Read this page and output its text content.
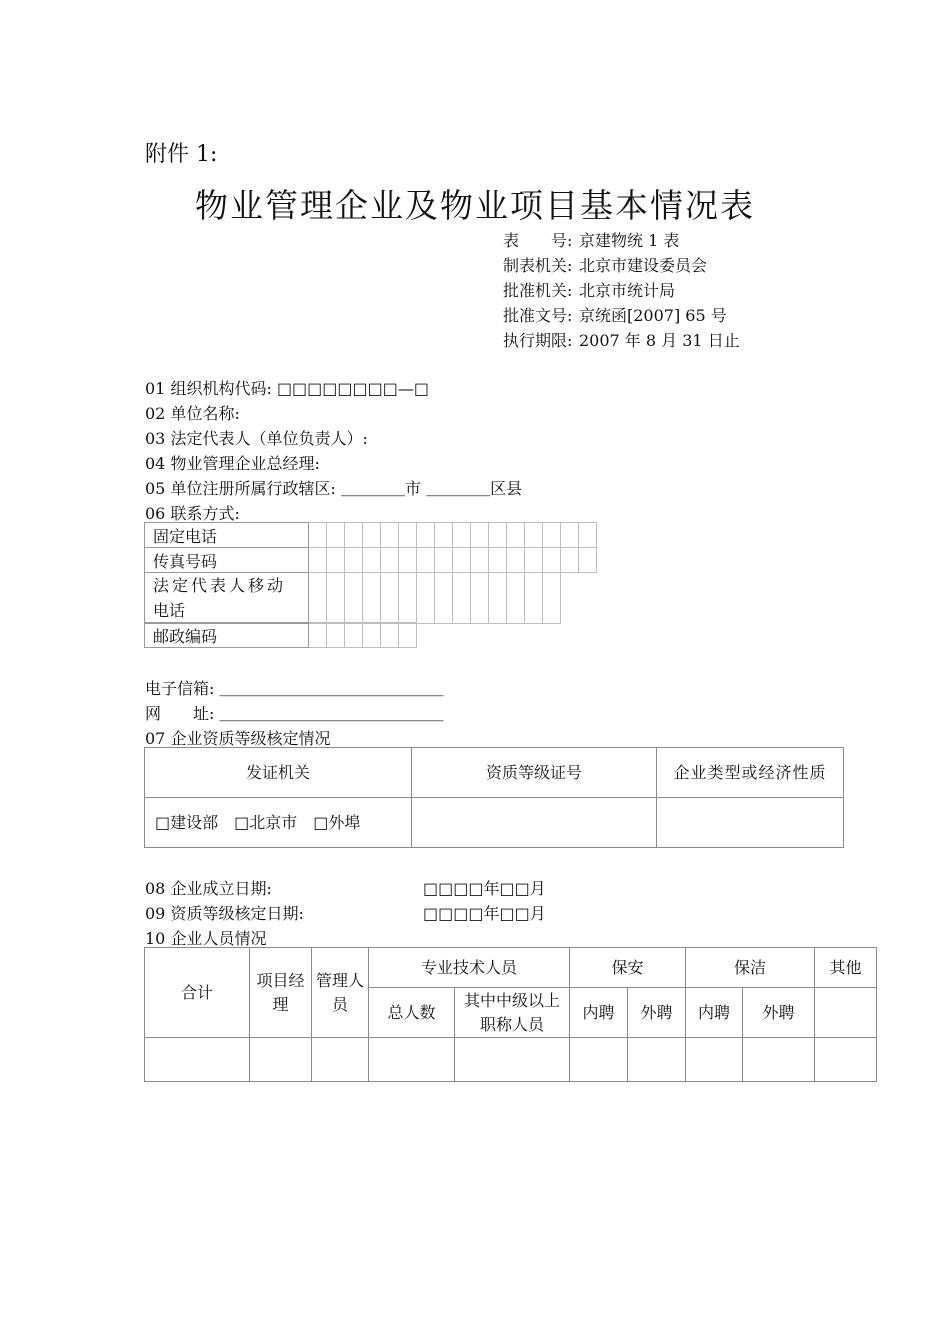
附件 1:
物业管理企业及物业项目基本情况表
表　　号: 京建物统 1 表
制表机关: 北京市建设委员会
批准机关: 北京市统计局
批准文号: 京统函[2007] 65 号
执行期限: 2007 年 8 月 31 日止
01 组织机构代码: □□□□□□□□—□
02 单位名称:
03 法定代表人（单位负责人）:
04 物业管理企业总经理:
05 单位注册所属行政辖区: ＿＿＿＿市 ＿＿＿＿区县
06 联系方式:
固定电话																
传真号码																
法定代表人移动
电话														
邮政编码						
电子信箱: ＿＿＿＿＿＿＿＿＿＿＿＿＿＿
网　　址: ＿＿＿＿＿＿＿＿＿＿＿＿＿＿
07 企业资质等级核定情况
发证机关	资质等级证号	企业类型或经济性质
□建设部 □北京市 □外埠		
08 企业成立日期:	□□□□年□□月
09 资质等级核定日期:	□□□□年□□月
10 企业人员情况
合计	项目经理	管理人员	专业技术人员		保安		保洁		其他
			总人数	其中中级以上职称人员	内聘	外聘	内聘	外聘	
